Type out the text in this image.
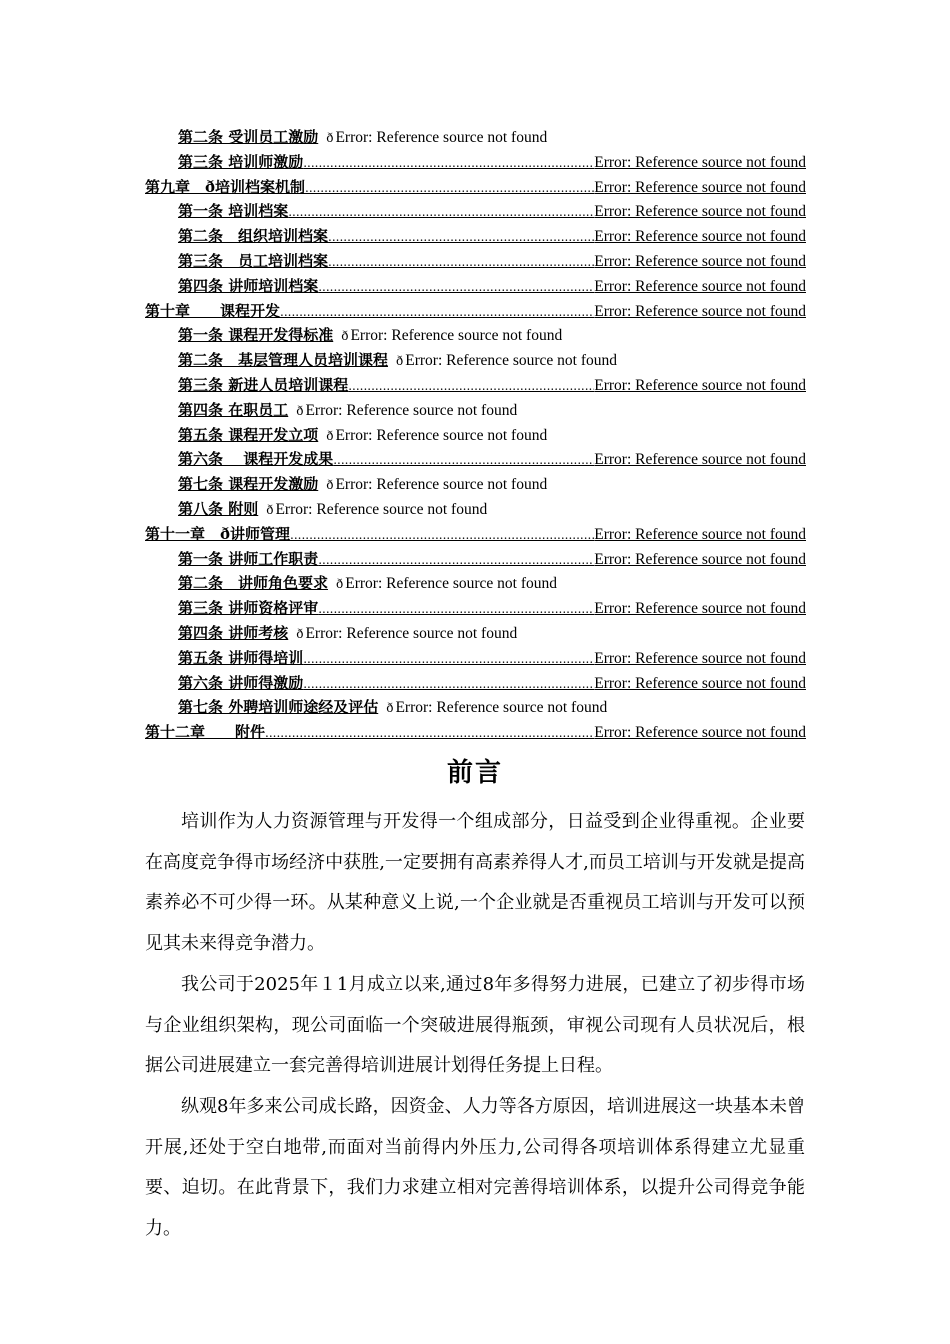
第二条 受训员工激励 ð Error: Reference source not found
第三条 培训师激励 .....	Error: Reference source not found
第九章　ð培训档案机制 .....	Error: Reference source not found
第一条 培训档案 .....	Error: Reference source not found
第二条　组织培训档案 .....	Error: Reference source not found
第三条　员工培训档案 .....	Error: Reference source not found
第四条 讲师培训档案 .....	Error: Reference source not found
第十章　　课程开发 .....	Error: Reference source not found
第一条 课程开发得标准 ð Error: Reference source not found
第二条　基层管理人员培训课程 ð Error: Reference source not found
第三条 新进人员培训课程 .....	Error: Reference source not found
第四条 在职员工 ð Error: Reference source not found
第五条 课程开发立项 ð Error: Reference source not found
第六条　 课程开发成果 .....	Error: Reference source not found
第七条 课程开发激励 ð Error: Reference source not found
第八条 附则 ð Error: Reference source not found
第十一章　ð讲师管理 .....	Error: Reference source not found
第一条 讲师工作职责 .....	Error: Reference source not found
第二条　讲师角色要求 ð Error: Reference source not found
第三条 讲师资格评审 .....	Error: Reference source not found
第四条 讲师考核 ð Error: Reference source not found
第五条 讲师得培训 .....	Error: Reference source not found
第六条 讲师得激励 .....	Error: Reference source not found
第七条 外聘培训师途经及评估 ð Error: Reference source not found
第十二章　　附件 .....	Error: Reference source not found
前言

培训作为人力资源管理与开发得一个组成部分，日益受到企业得重视。企业要在高度竞争得市场经济中获胜,一定要拥有高素养得人才,而员工培训与开发就是提高素养必不可少得一环。从某种意义上说,一个企业就是否重视员工培训与开发可以预见其未来得竞争潜力。

我公司于2025年１1月成立以来,通过8年多得努力进展，已建立了初步得市场与企业组织架构，现公司面临一个突破进展得瓶颈，审视公司现有人员状况后，根据公司进展建立一套完善得培训进展计划得任务提上日程。

纵观8年多来公司成长路，因资金、人力等各方原因，培训进展这一块基本未曾开展,还处于空白地带,而面对当前得内外压力,公司得各项培训体系得建立尤显重要、迫切。在此背景下，我们力求建立相对完善得培训体系，以提升公司得竞争能力。
